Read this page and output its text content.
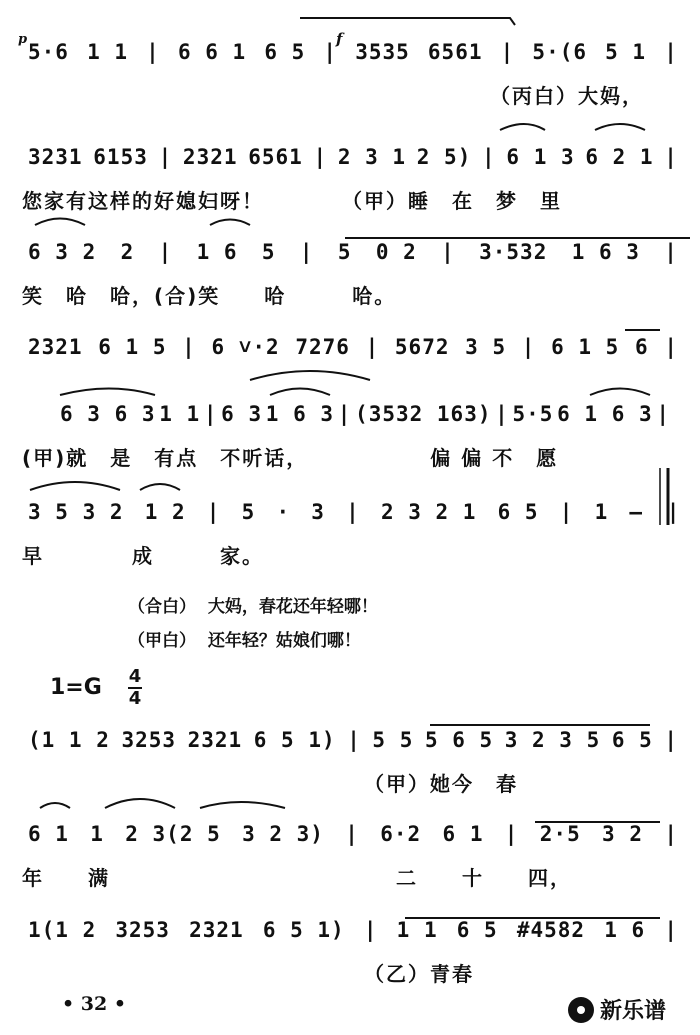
p	f
5·6 1 1 | 6 6 1 6 5 | 3535 6561 | 5·(6 5 1 |
（丙白）大妈，
3231 6153 | 2321 6561 | 2 3 1 2 5) | 6 1 3 6 2 1 |
您家有这样的好媳妇呀！　　　　（甲）睡　在　梦　里
6 3 2 2 | 1 6 5 | 5 0 2 | 3·532 1 6 3 |
笑　哈　哈，(合)笑　　哈　　　哈。
2321 6 1 5 | 6 ˅·2 7276 | 5672 3 5 | 6 1 5 6 |
6 3 6 3 1 1 | 6 3 1 6 3 | (3532 163) | 5·5 6 1 6 3 |
(甲)就　是　有点　不听话，　　　　　　偏 偏 不　愿
3 5 3 2 1 2 | 5 · 3 | 2 3 2 1 6 5 | 1 — ‖
早　　　　成　　　家。
（合白） 大妈，春花还年轻哪！
（甲白） 还年轻？姑娘们哪！
1=G 4
4
(1 1 2 3253 2321 6 5 1) | 5 5 5 6 5 3 2 3 5 6 5 |
　　　　　　　　　　　　　　　　（甲）她今　春
6 1 1 2 3(2 5 3 2 3) | 6·2 6 1 | 2·5 3 2 |
年　　满　　　　　　　　　　　　　二　　十　　四，
1(1 2 3253 2321 6 5 1) | 1 1 6 5 #4582 1 6 |
　　　　　　　　　　　　　　　　（乙）青春
• 32 •	新乐谱
